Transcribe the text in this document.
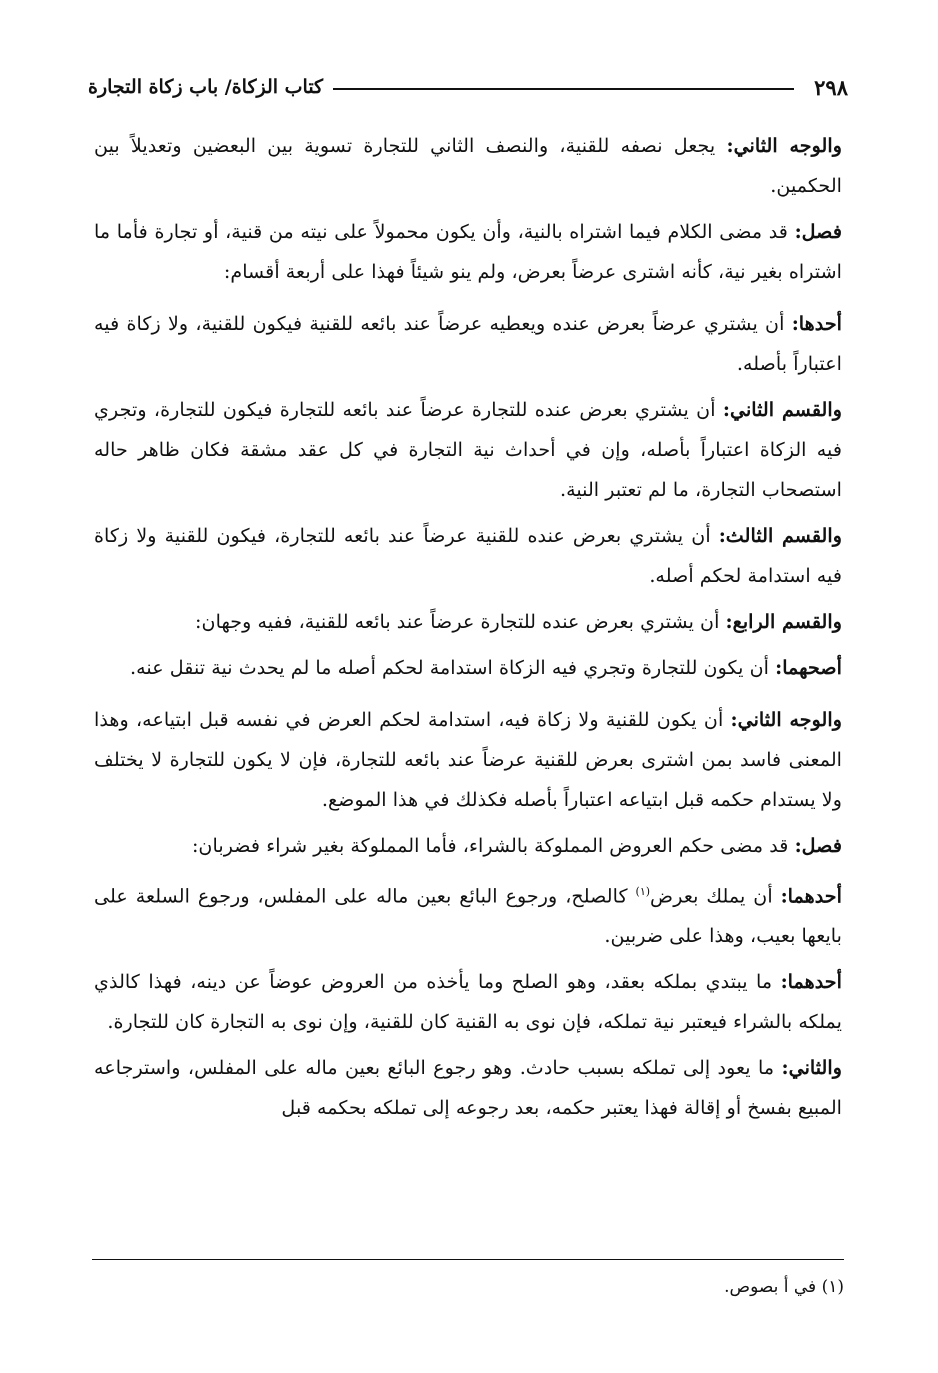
٢٩٨
كتاب الزكاة/ باب زكاة التجارة

والوجه الثاني: يجعل نصفه للقنية، والنصف الثاني للتجارة تسوية بين البعضين وتعديلاً بين الحكمين.

فصل: قد مضى الكلام فيما اشتراه بالنية، وأن يكون محمولاً على نيته من قنية، أو تجارة فأما ما اشتراه بغير نية، كأنه اشترى عرضاً بعرض، ولم ينو شيئاً فهذا على أربعة أقسام:

أحدها: أن يشتري عرضاً بعرض عنده ويعطيه عرضاً عند بائعه للقنية فيكون للقنية، ولا زكاة فيه اعتباراً بأصله.

والقسم الثاني: أن يشتري بعرض عنده للتجارة عرضاً عند بائعه للتجارة فيكون للتجارة، وتجري فيه الزكاة اعتباراً بأصله، وإن في أحداث نية التجارة في كل عقد مشقة فكان ظاهر حاله استصحاب التجارة، ما لم تعتبر النية.

والقسم الثالث: أن يشتري بعرض عنده للقنية عرضاً عند بائعه للتجارة، فيكون للقنية ولا زكاة فيه استدامة لحكم أصله.

والقسم الرابع: أن يشتري بعرض عنده للتجارة عرضاً عند بائعه للقنية، ففيه وجهان:

أصحهما: أن يكون للتجارة وتجري فيه الزكاة استدامة لحكم أصله ما لم يحدث نية تنقل عنه.

والوجه الثاني: أن يكون للقنية ولا زكاة فيه، استدامة لحكم العرض في نفسه قبل ابتياعه، وهذا المعنى فاسد بمن اشترى بعرض للقنية عرضاً عند بائعه للتجارة، فإن لا يكون للتجارة لا يختلف ولا يستدام حكمه قبل ابتياعه اعتباراً بأصله فكذلك في هذا الموضع.

فصل: قد مضى حكم العروض المملوكة بالشراء، فأما المملوكة بغير شراء فضربان:

أحدهما: أن يملك بعرض$^{(١)}$ كالصلح، ورجوع البائع بعين ماله على المفلس، ورجوع السلعة على بايعها بعيب، وهذا على ضربين.

أحدهما: ما يبتدي بملكه بعقد، وهو الصلح وما يأخذه من العروض عوضاً عن دينه، فهذا كالذي يملكه بالشراء فيعتبر نية تملكه، فإن نوى به القنية كان للقنية، وإن نوى به التجارة كان للتجارة.

والثاني: ما يعود إلى تملكه بسبب حادث. وهو رجوع البائع بعين ماله على المفلس، واسترجاعه المبيع بفسخ أو إقالة فهذا يعتبر حكمه، بعد رجوعه إلى تملكه بحكمه قبل

(١) في أ بصوص.
